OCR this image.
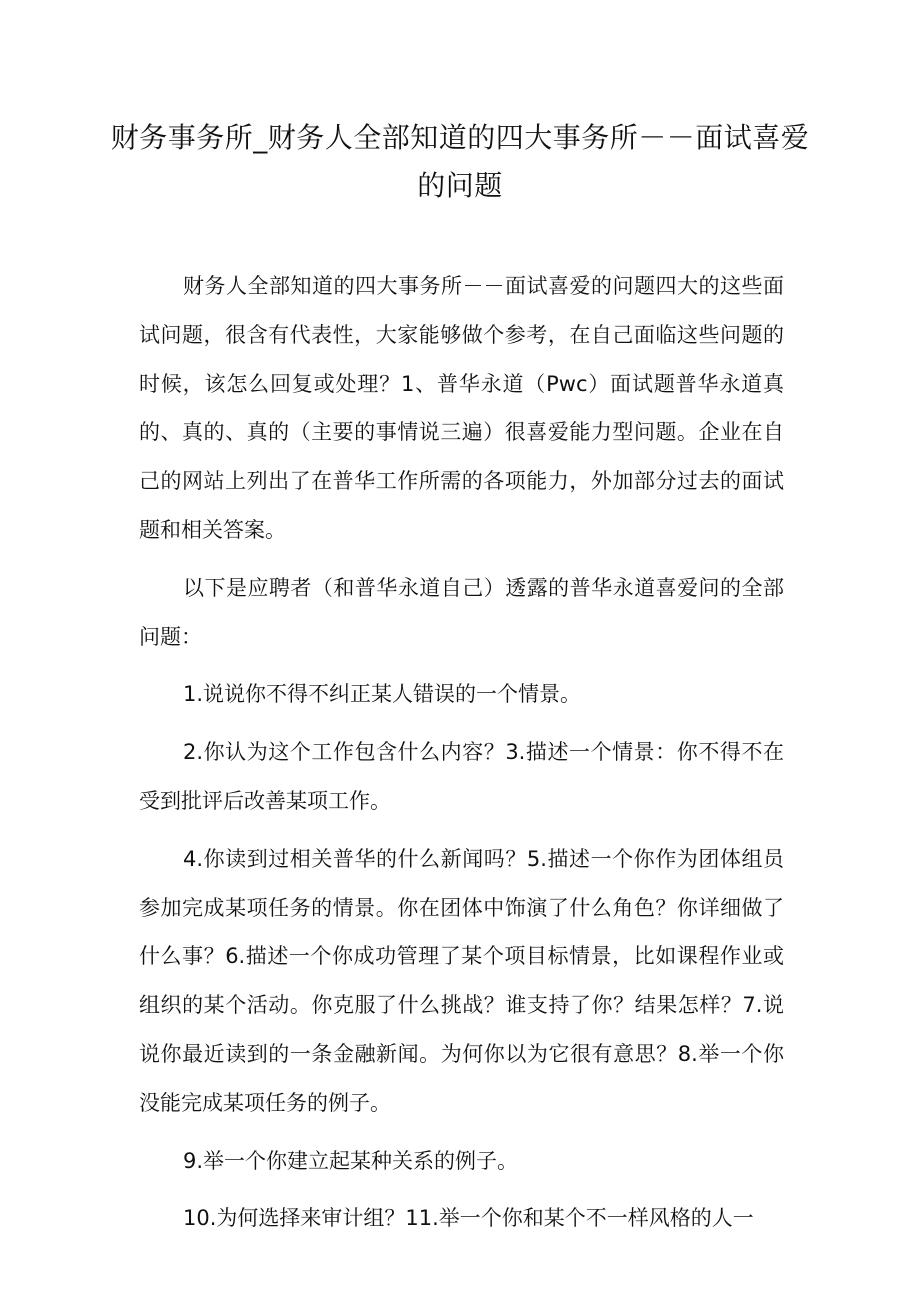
财务事务所_财务人全部知道的四大事务所－－面试喜爱的问题

财务人全部知道的四大事务所－－面试喜爱的问题四大的这些面试问题，很含有代表性，大家能够做个参考，在自己面临这些问题的时候，该怎么回复或处理？1、普华永道（Pwc）面试题普华永道真的、真的、真的（主要的事情说三遍）很喜爱能力型问题。企业在自己的网站上列出了在普华工作所需的各项能力，外加部分过去的面试题和相关答案。

以下是应聘者（和普华永道自己）透露的普华永道喜爱问的全部问题：

1.说说你不得不纠正某人错误的一个情景。

2.你认为这个工作包含什么内容？3.描述一个情景：你不得不在受到批评后改善某项工作。

4.你读到过相关普华的什么新闻吗？5.描述一个你作为团体组员参加完成某项任务的情景。你在团体中饰演了什么角色？你详细做了什么事？6.描述一个你成功管理了某个项目标情景，比如课程作业或组织的某个活动。你克服了什么挑战？谁支持了你？结果怎样？7.说说你最近读到的一条金融新闻。为何你以为它很有意思？8.举一个你没能完成某项任务的例子。

9.举一个你建立起某种关系的例子。

10.为何选择来审计组？11.举一个你和某个不一样风格的人一
